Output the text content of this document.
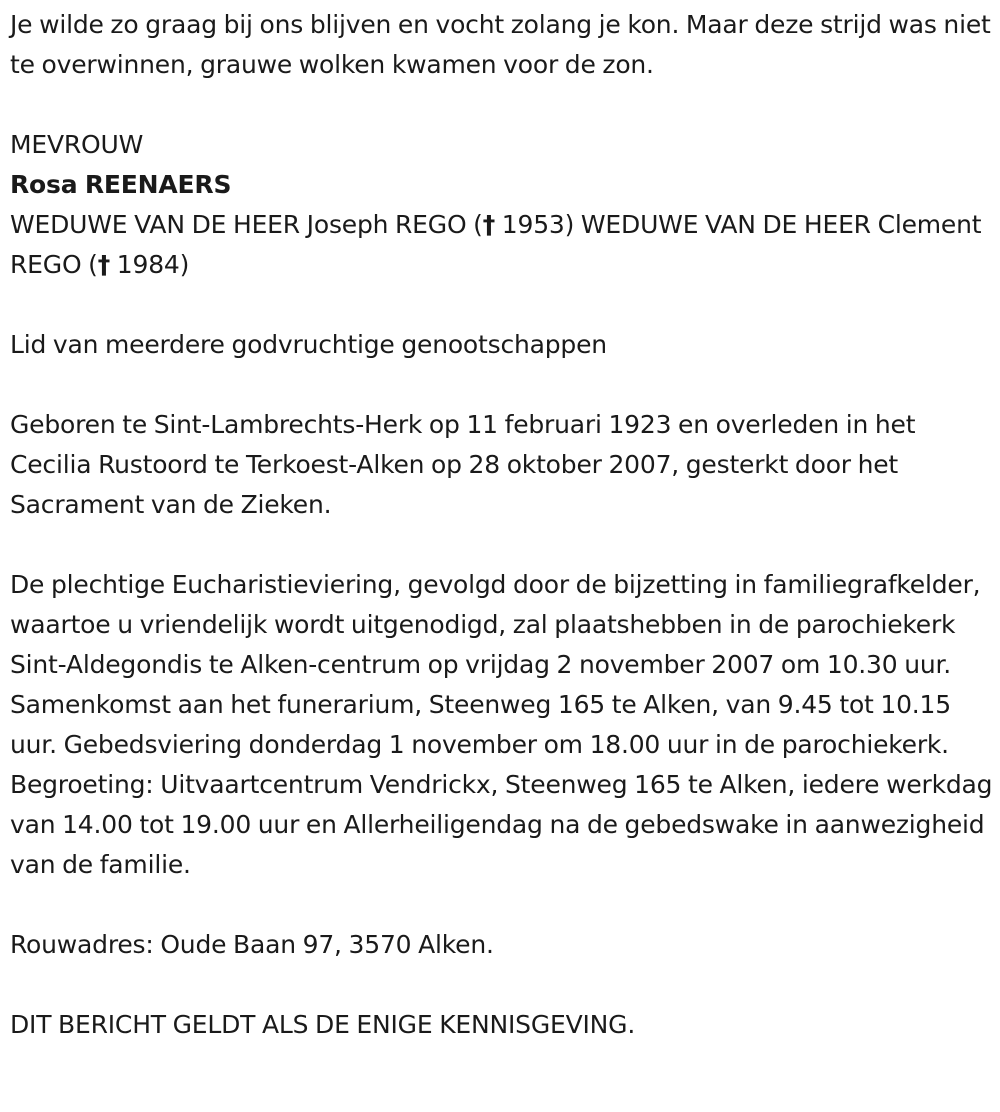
Je wilde zo graag bij ons blijven en vocht zolang je kon. Maar deze strijd was niet te overwinnen, grauwe wolken kwamen voor de zon.

MEVROUW

Rosa REENAERS

WEDUWE VAN DE HEER Joseph REGO († 1953) WEDUWE VAN DE HEER Clement REGO († 1984)

Lid van meerdere godvruchtige genootschappen

Geboren te Sint-Lambrechts-Herk op 11 februari 1923 en overleden in het Cecilia Rustoord te Terkoest-Alken op 28 oktober 2007, gesterkt door het Sacrament van de Zieken.

De plechtige Eucharistieviering, gevolgd door de bijzetting in familiegrafkelder, waartoe u vriendelijk wordt uitgenodigd, zal plaatshebben in de parochiekerk Sint-Aldegondis te Alken-centrum op vrijdag 2 november 2007 om 10.30 uur. Samenkomst aan het funerarium, Steenweg 165 te Alken, van 9.45 tot 10.15 uur. Gebedsviering donderdag 1 november om 18.00 uur in de parochiekerk. Begroeting: Uitvaartcentrum Vendrickx, Steenweg 165 te Alken, iedere werkdag van 14.00 tot 19.00 uur en Allerheiligendag na de gebedswake in aanwezigheid van de familie.

Rouwadres: Oude Baan 97, 3570 Alken.

DIT BERICHT GELDT ALS DE ENIGE KENNISGEVING.
